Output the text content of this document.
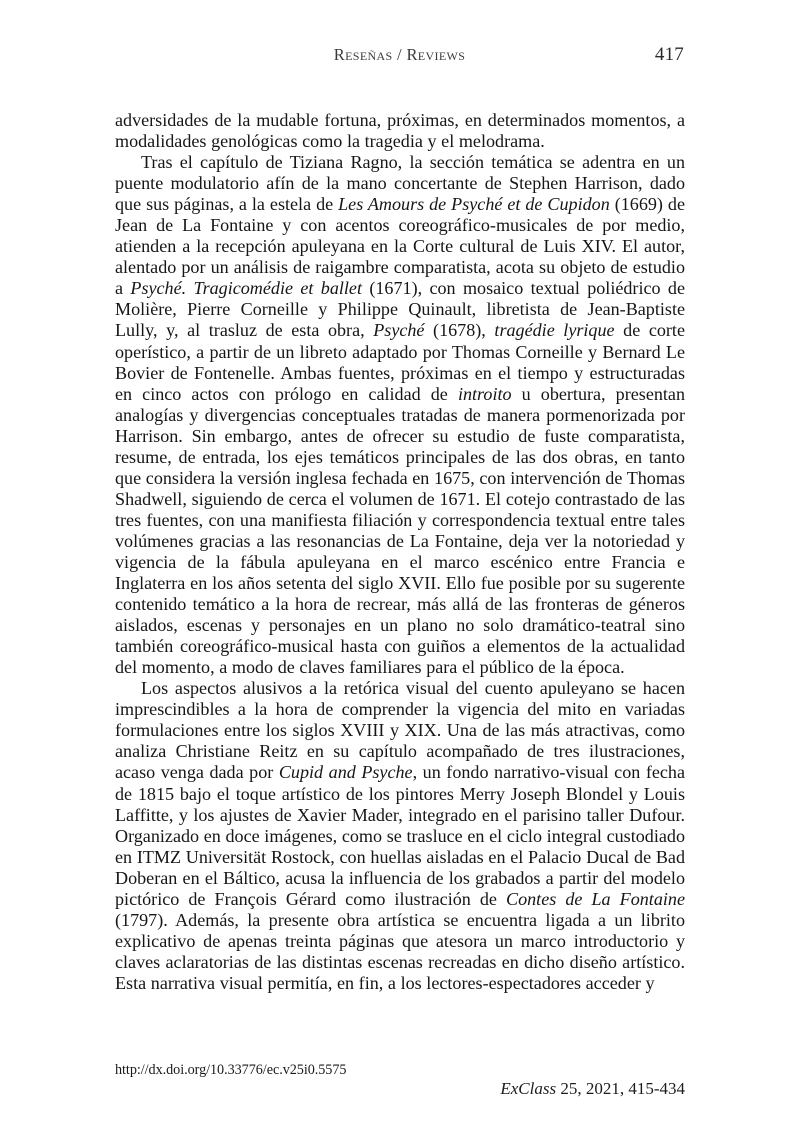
Reseñas / Reviews	417

adversidades de la mudable fortuna, próximas, en determinados momentos, a modalidades genológicas como la tragedia y el melodrama.

Tras el capítulo de Tiziana Ragno, la sección temática se adentra en un puente modulatorio afín de la mano concertante de Stephen Harrison, dado que sus páginas, a la estela de Les Amours de Psyché et de Cupidon (1669) de Jean de La Fontaine y con acentos coreográfico-musicales de por medio, atienden a la recepción apuleyana en la Corte cultural de Luis XIV. El autor, alentado por un análisis de raigambre comparatista, acota su objeto de estudio a Psyché. Tragicomédie et ballet (1671), con mosaico textual poliédrico de Molière, Pierre Corneille y Philippe Quinault, libretista de Jean-Baptiste Lully, y, al trasluz de esta obra, Psyché (1678), tragédie lyrique de corte operístico, a partir de un libreto adaptado por Thomas Corneille y Bernard Le Bovier de Fontenelle. Ambas fuentes, próximas en el tiempo y estructuradas en cinco actos con prólogo en calidad de introito u obertura, presentan analogías y divergencias conceptuales tratadas de manera pormenorizada por Harrison. Sin embargo, antes de ofrecer su estudio de fuste comparatista, resume, de entrada, los ejes temáticos principales de las dos obras, en tanto que considera la versión inglesa fechada en 1675, con intervención de Thomas Shadwell, siguiendo de cerca el volumen de 1671. El cotejo contrastado de las tres fuentes, con una manifiesta filiación y correspondencia textual entre tales volúmenes gracias a las resonancias de La Fontaine, deja ver la notoriedad y vigencia de la fábula apuleyana en el marco escénico entre Francia e Inglaterra en los años setenta del siglo XVII. Ello fue posible por su sugerente contenido temático a la hora de recrear, más allá de las fronteras de géneros aislados, escenas y personajes en un plano no solo dramático-teatral sino también coreográfico-musical hasta con guiños a elementos de la actualidad del momento, a modo de claves familiares para el público de la época.

Los aspectos alusivos a la retórica visual del cuento apuleyano se hacen imprescindibles a la hora de comprender la vigencia del mito en variadas formulaciones entre los siglos XVIII y XIX. Una de las más atractivas, como analiza Christiane Reitz en su capítulo acompañado de tres ilustraciones, acaso venga dada por Cupid and Psyche, un fondo narrativo-visual con fecha de 1815 bajo el toque artístico de los pintores Merry Joseph Blondel y Louis Laffitte, y los ajustes de Xavier Mader, integrado en el parisino taller Dufour. Organizado en doce imágenes, como se trasluce en el ciclo integral custodiado en ITMZ Universität Rostock, con huellas aisladas en el Palacio Ducal de Bad Doberan en el Báltico, acusa la influencia de los grabados a partir del modelo pictórico de François Gérard como ilustración de Contes de La Fontaine (1797). Además, la presente obra artística se encuentra ligada a un librito explicativo de apenas treinta páginas que atesora un marco introductorio y claves aclaratorias de las distintas escenas recreadas en dicho diseño artístico. Esta narrativa visual permitía, en fin, a los lectores-espectadores acceder y

http://dx.doi.org/10.33776/ec.v25i0.5575

ExClass 25, 2021, 415-434
